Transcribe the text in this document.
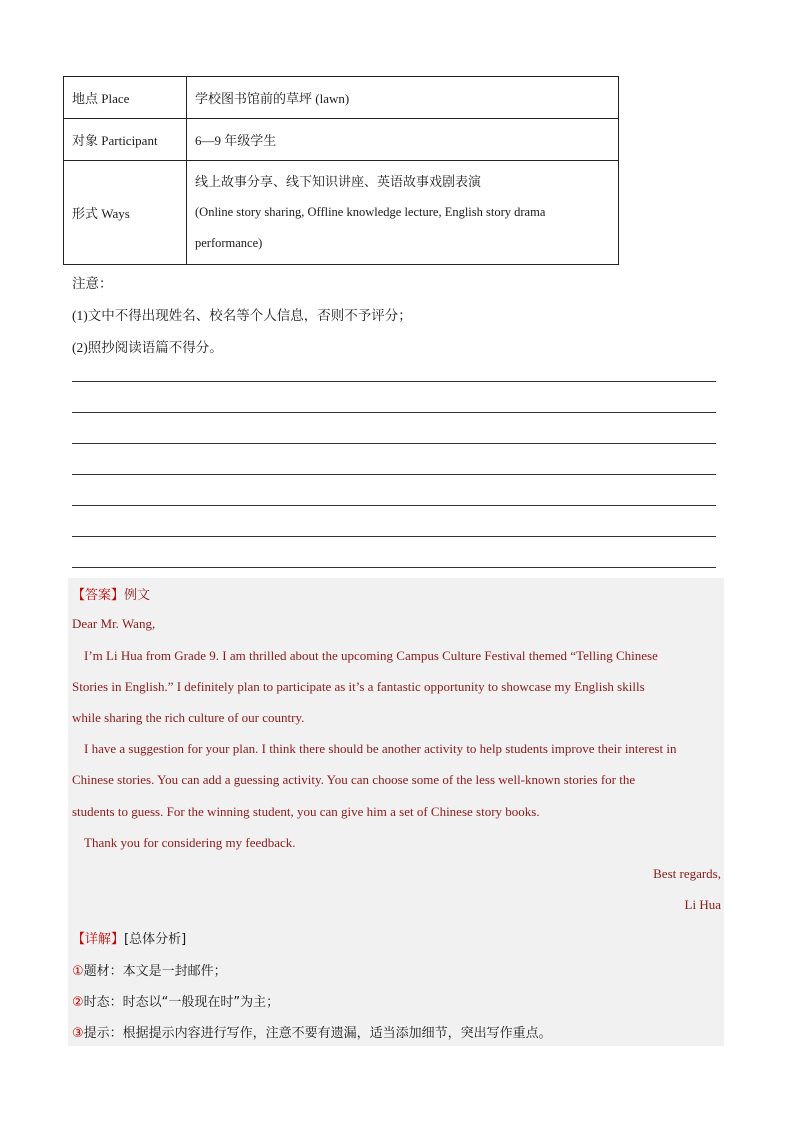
地点 Place	学校图书馆前的草坪 (lawn)
对象 Participant	6—9 年级学生
形式 Ways	线上故事分享、线下知识讲座、英语故事戏剧表演
(Online story sharing, Offline knowledge lecture, English story drama
performance)
注意：
(1)文中不得出现姓名、校名等个人信息，否则不予评分；
(2)照抄阅读语篇不得分。
【答案】例文
Dear Mr. Wang,
I’m Li Hua from Grade 9. I am thrilled about the upcoming Campus Culture Festival themed “Telling Chinese
Stories in English.” I definitely plan to participate as it’s a fantastic opportunity to showcase my English skills
while sharing the rich culture of our country.
I have a suggestion for your plan. I think there should be another activity to help students improve their interest in
Chinese stories. You can add a guessing activity. You can choose some of the less well-known stories for the
students to guess. For the winning student, you can give him a set of Chinese story books.
Thank you for considering my feedback.
Best regards,
Li Hua
【详解】[总体分析]
①题材：本文是一封邮件；
②时态：时态以“一般现在时”为主；
③提示：根据提示内容进行写作，注意不要有遗漏，适当添加细节，突出写作重点。
